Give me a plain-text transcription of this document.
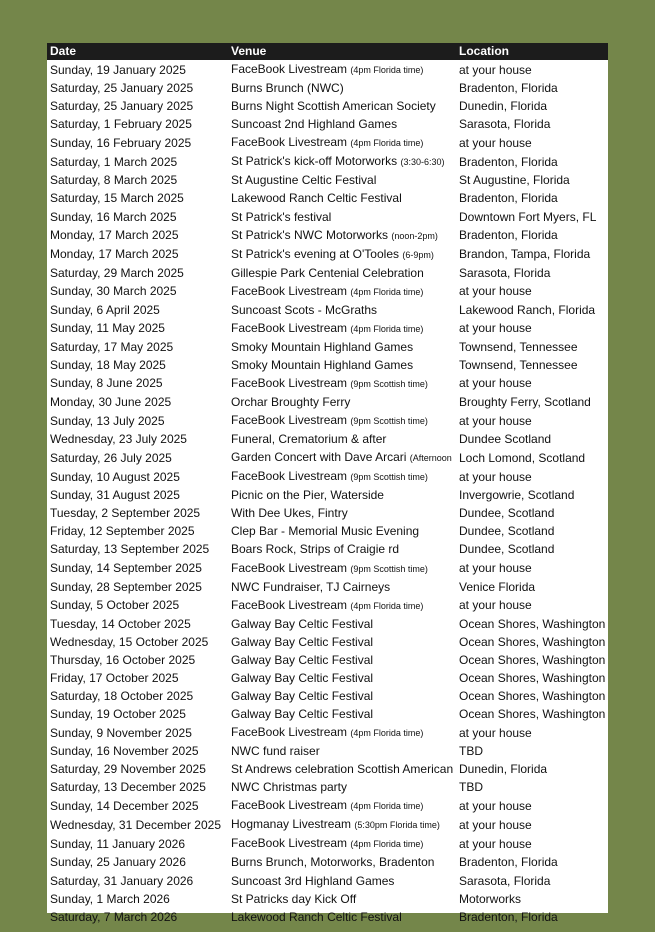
Date	Venue	Location
Sunday, 19 January 2025	FaceBook Livestream (4pm Florida time)	at your house
Saturday, 25 January 2025	Burns Brunch (NWC)	Bradenton, Florida
Saturday, 25 January 2025	Burns Night Scottish American Society	Dunedin, Florida
Saturday, 1 February 2025	Suncoast 2nd Highland Games	Sarasota, Florida
Sunday, 16 February 2025	FaceBook Livestream (4pm Florida time)	at your house
Saturday, 1 March 2025	St Patrick's kick-off Motorworks (3:30-6:30)	Bradenton, Florida
Saturday, 8 March 2025	St Augustine Celtic Festival	St Augustine, Florida
Saturday, 15 March 2025	Lakewood Ranch Celtic Festival	Bradenton, Florida
Sunday, 16 March 2025	St Patrick's festival	Downtown Fort Myers, FL
Monday, 17 March 2025	St Patrick's NWC Motorworks (noon-2pm)	Bradenton, Florida
Monday, 17 March 2025	St Patrick's evening at O'Tooles (6-9pm)	Brandon, Tampa, Florida
Saturday, 29 March 2025	Gillespie Park Centenial Celebration	Sarasota, Florida
Sunday, 30 March 2025	FaceBook Livestream (4pm Florida time)	at your house
Sunday, 6 April 2025	Suncoast Scots - McGraths	Lakewood Ranch, Florida
Sunday, 11 May 2025	FaceBook Livestream (4pm Florida time)	at your house
Saturday, 17 May 2025	Smoky Mountain Highland Games	Townsend, Tennessee
Sunday, 18 May 2025	Smoky Mountain Highland Games	Townsend, Tennessee
Sunday, 8 June 2025	FaceBook Livestream (9pm Scottish time)	at your house
Monday, 30 June 2025	Orchar Broughty Ferry	Broughty Ferry, Scotland
Sunday, 13 July 2025	FaceBook Livestream (9pm Scottish time)	at your house
Wednesday, 23 July 2025	Funeral, Crematorium & after	Dundee Scotland
Saturday, 26 July 2025	Garden Concert with Dave Arcari (Afternoon	Loch Lomond, Scotland
Sunday, 10 August 2025	FaceBook Livestream (9pm Scottish time)	at your house
Sunday, 31 August 2025	Picnic on the Pier, Waterside	Invergowrie, Scotland
Tuesday, 2 September 2025	With Dee Ukes, Fintry	Dundee, Scotland
Friday, 12 September 2025	Clep Bar - Memorial Music Evening	Dundee, Scotland
Saturday, 13 September 2025	Boars Rock, Strips of Craigie rd	Dundee, Scotland
Sunday, 14 September 2025	FaceBook Livestream (9pm Scottish time)	at your house
Sunday, 28 September 2025	NWC Fundraiser, TJ Cairneys	Venice Florida
Sunday, 5 October 2025	FaceBook Livestream (4pm Florida time)	at your house
Tuesday, 14 October 2025	Galway Bay Celtic Festival	Ocean Shores, Washington
Wednesday, 15 October 2025	Galway Bay Celtic Festival	Ocean Shores, Washington
Thursday, 16 October 2025	Galway Bay Celtic Festival	Ocean Shores, Washington
Friday, 17 October 2025	Galway Bay Celtic Festival	Ocean Shores, Washington
Saturday, 18 October 2025	Galway Bay Celtic Festival	Ocean Shores, Washington
Sunday, 19 October 2025	Galway Bay Celtic Festival	Ocean Shores, Washington
Sunday, 9 November 2025	FaceBook Livestream (4pm Florida time)	at your house
Sunday, 16 November 2025	NWC fund raiser	TBD
Saturday, 29 November 2025	St Andrews celebration Scottish American	Dunedin, Florida
Saturday, 13 December 2025	NWC Christmas party	TBD
Sunday, 14 December 2025	FaceBook Livestream (4pm Florida time)	at your house
Wednesday, 31 December 2025	Hogmanay Livestream (5:30pm Florida time)	at your house
Sunday, 11 January 2026	FaceBook Livestream (4pm Florida time)	at your house
Sunday, 25 January 2026	Burns Brunch, Motorworks, Bradenton	Bradenton, Florida
Saturday, 31 January 2026	Suncoast 3rd Highland Games	Sarasota, Florida
Sunday, 1 March 2026	St Patricks day Kick Off	Motorworks
Saturday, 7 March 2026	Lakewood Ranch Celtic Festival	Bradenton, Florida
